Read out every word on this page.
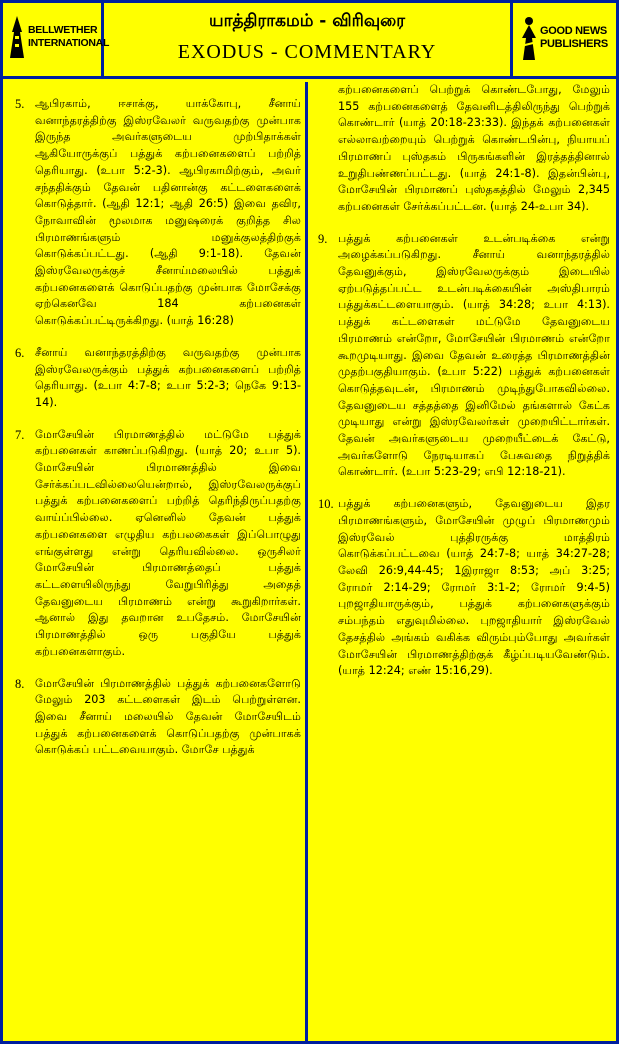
BELLWETHER INTERNATIONAL
யாத்திராகமம் - விரிவுரை
EXODUS - COMMENTARY
GOOD NEWS PUBLISHERS
5. ஆபிரகாம், ஈசாக்கு, யாக்கோபு, சீனாய் வனாந்தரத்திற்கு இஸ்ரவேலர் வருவதற்கு முன்பாக இருந்த அவர்களுடைய முற்பிதாக்கள் ஆகியோருக்குப் பத்துக் கற்பனைகளைப் பற்றித் தெரியாது. (உபா 5:2-3). ஆபிரகாமிற்கும், அவர் சந்ததிக்கும் தேவன் பதினான்கு கட்டளைகளைக் கொடுத்தார். (ஆதி 12:1; ஆதி 26:5) இவை தவிர, நோவாவின் மூலமாக மனுஷரைக் குறித்த சில பிரமாணங்களும் மனுக்குலத்திற்குக் கொடுக்கப்பட்டது. (ஆதி 9:1-18). தேவன் இஸ்ரவேலருக்குச் சீனாய்மலையில் பத்துக் கற்பனைகளைக் கொடுப்பதற்கு முன்பாக மோசேக்கு ஏற்கெனவே 184 கற்பனைகள் கொடுக்கப்பட்டிருக்கிறது. (யாத் 16:28)
6. சீனாய் வனாந்தரத்திற்கு வருவதற்கு முன்பாக இஸ்ரவேலருக்கும் பத்துக் கற்பனைகளைப் பற்றித் தெரியாது. (உபா 4:7-8; உபா 5:2-3; நெகே 9:13-14).
7. மோசேயின் பிரமாணத்தில் மட்டுமே பத்துக் கற்பனைகள் காணப்படுகிறது. (யாத் 20; உபா 5). மோசேயின் பிரமாணத்தில் இவை சேர்க்கப்படவில்லையென்றால், இஸ்ரவேலருக்குப் பத்துக் கற்பனைகளைப் பற்றித் தெரிந்திருப்பதற்கு வாய்ப்பில்லை. ஏனெனில் தேவன் பத்துக் கற்பனைகளை எழுதிய கற்பலகைகள் இப்பொழுது எங்குள்ளது என்று தெரியவில்லை. ஒருசிலர் மோசேயின் பிரமாணத்தைப் பத்துக் கட்டளையிலிருந்து வேறுபிரித்து அதைத் தேவனுடைய பிரமாணம் என்று கூறுகிறார்கள். ஆனால் இது தவறான உபதேசம். மோசேயின் பிரமாணத்தில் ஒரு பகுதியே பத்துக் கற்பனைகளாகும்.
8. மோசேயின் பிரமாணத்தில் பத்துக் கற்பனைகளோடு மேலும் 203 கட்டளைகள் இடம் பெற்றுள்ளன. இவை சீனாய் மலையில் தேவன் மோசேயிடம் பத்துக் கற்பனைகளைக் கொடுப்பதற்கு முன்பாகக் கொடுக்கப் பட்டவையாகும். மோசே பத்துக்
கற்பனைகளைப் பெற்றுக் கொண்டபோது, மேலும் 155 கற்பனைகளைத் தேவனிடத்திலிருந்து பெற்றுக் கொண்டார் (யாத் 20:18-23:33). இந்தக் கற்பனைகள் எல்லாவற்றையும் பெற்றுக் கொண்டபின்பு, நியாயப் பிரமாணப் புஸ்தகம் பிருகங்களின் இரத்தத்தினால் உறுதிபண்ணப்பட்டது. (யாத் 24:1-8). இதன்பின்பு, மோசேயின் பிரமாணப் புஸ்தகத்தில் மேலும் 2,345 கற்பனைகள் சேர்க்கப்பட்டன. (யாத் 24-உபா 34).
9. பத்துக் கற்பனைகள் உடன்படிக்கை என்று அழைக்கப்படுகிறது. சீனாய் வனாந்தரத்தில் தேவனுக்கும், இஸ்ரவேலருக்கும் இடையில் ஏற்படுத்தப்பட்ட உடன்படிக்கையின் அஸ்திபாரம் பத்துக்கட்டளையாகும். (யாத் 34:28; உபா 4:13). பத்துக் கட்டளைகள் மட்டுமே தேவனுடைய பிரமாணம் என்றோ, மோசேயின் பிரமாணம் என்றோ கூறமுடியாது. இவை தேவன் உரைத்த பிரமாணத்தின் முதற்பகுதியாகும். (உபா 5:22) பத்துக் கற்பனைகள் கொடுத்தவுடன், பிரமாணம் முடிந்துபோகவில்லை. தேவனுடைய சத்தத்தை இனிமேல் தங்களால் கேட்க முடியாது என்று இஸ்ரவேலர்கள் முறையிட்டார்கள். தேவன் அவர்களுடைய முறையீட்டைக் கேட்டு, அவர்களோடு நேரடியாகப் பேசுவதை நிறுத்திக் கொண்டார். (உபா 5:23-29; எபி 12:18-21).
10. பத்துக் கற்பனைகளும், தேவனுடைய இதர பிரமாணங்களும், மோசேயின் முழுப் பிரமாணமும் இஸ்ரவேல் புத்திரருக்கு மாத்திரம் கொடுக்கப்பட்டவை (யாத் 24:7-8; யாத் 34:27-28; லேவி 26:9,44-45; 1இராஜா 8:53; அப் 3:25; ரோமர் 2:14-29; ரோமர் 3:1-2; ரோமர் 9:4-5) புறஜாதியாருக்கும், பத்துக் கற்பனைகளுக்கும் சம்பந்தம் எதுவுமில்லை. புறஜாதியார் இஸ்ரவேல் தேசத்தில் அங்கம் வகிக்க விரும்பும்போது அவர்கள் மோசேயின் பிரமாணத்திற்குக் கீழ்ப்படியவேண்டும். (யாத் 12:24; எண் 15:16,29).
